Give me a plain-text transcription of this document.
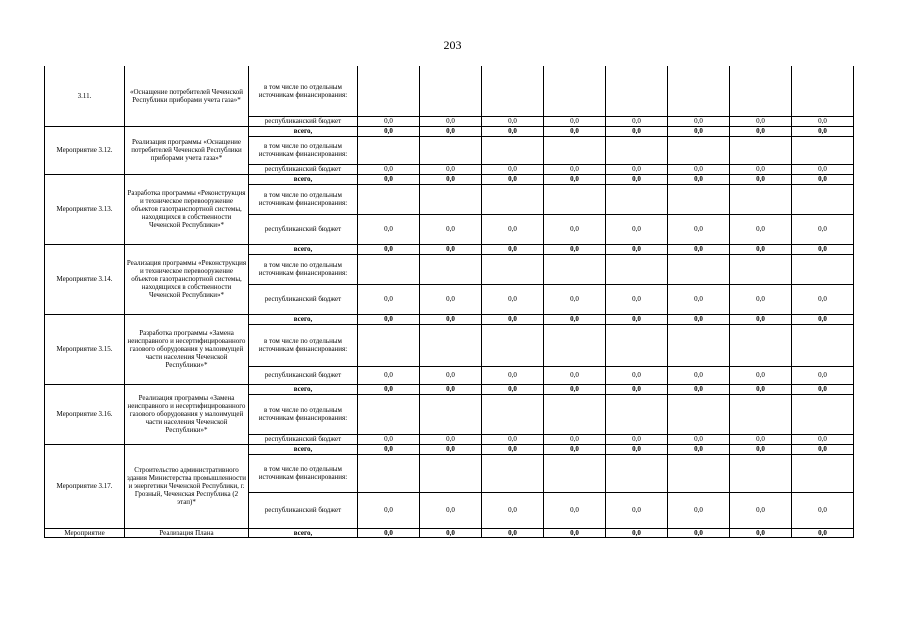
203
3.11.	«Оснащение потребителей Чеченской Республики приборами учета газа»*	в том числе по отдельным источникам финансирования:								
		республиканский бюджет	0,0	0,0	0,0	0,0	0,0	0,0	0,0	0,0
Мероприятие 3.12.	Реализация программы «Оснащение потребителей Чеченской Республики приборами учета газа»*	всего,	0,0	0,0	0,0	0,0	0,0	0,0	0,0	0,0
		в том числе по отдельным источникам финансирования:								
		республиканский бюджет	0,0	0,0	0,0	0,0	0,0	0,0	0,0	0,0
Мероприятие 3.13.	Разработка программы «Реконструкция и техническое перевооружение объектов газотранспортной системы, находящихся в собственности Чеченской Республики»*	всего,	0,0	0,0	0,0	0,0	0,0	0,0	0,0	0,0
		в том числе по отдельным источникам финансирования:								
		республиканский бюджет	0,0	0,0	0,0	0,0	0,0	0,0	0,0	0,0
Мероприятие 3.14.	Реализация программы «Реконструкция и техническое перевооружение объектов газотранспортной системы, находящихся в собственности Чеченской Республики»*	всего,	0,0	0,0	0,0	0,0	0,0	0,0	0,0	0,0
		в том числе по отдельным источникам финансирования:								
		республиканский бюджет	0,0	0,0	0,0	0,0	0,0	0,0	0,0	0,0
Мероприятие 3.15.	Разработка программы «Замена неисправного и несертифицированного газового оборудования у малоимущей части населения Чеченской Республики»*	всего,	0,0	0,0	0,0	0,0	0,0	0,0	0,0	0,0
		в том числе по отдельным источникам финансирования:								
		республиканский бюджет	0,0	0,0	0,0	0,0	0,0	0,0	0,0	0,0
Мероприятие 3.16.	Реализация программы «Замена неисправного и несертифицированного газового оборудования у малоимущей части населения Чеченской Республики»*	всего,	0,0	0,0	0,0	0,0	0,0	0,0	0,0	0,0
		в том числе по отдельным источникам финансирования:								
		республиканский бюджет	0,0	0,0	0,0	0,0	0,0	0,0	0,0	0,0
Мероприятие 3.17.	Строительство административного здания Министерства промышленности и энергетики Чеченской Республики, г. Грозный, Чеченская Республика (2 этап)*	всего,	0,0	0,0	0,0	0,0	0,0	0,0	0,0	0,0
		в том числе по отдельным источникам финансирования:								
		республиканский бюджет	0,0	0,0	0,0	0,0	0,0	0,0	0,0	0,0
Мероприятие	Реализация Плана	всего,	0,0	0,0	0,0	0,0	0,0	0,0	0,0	0,0
